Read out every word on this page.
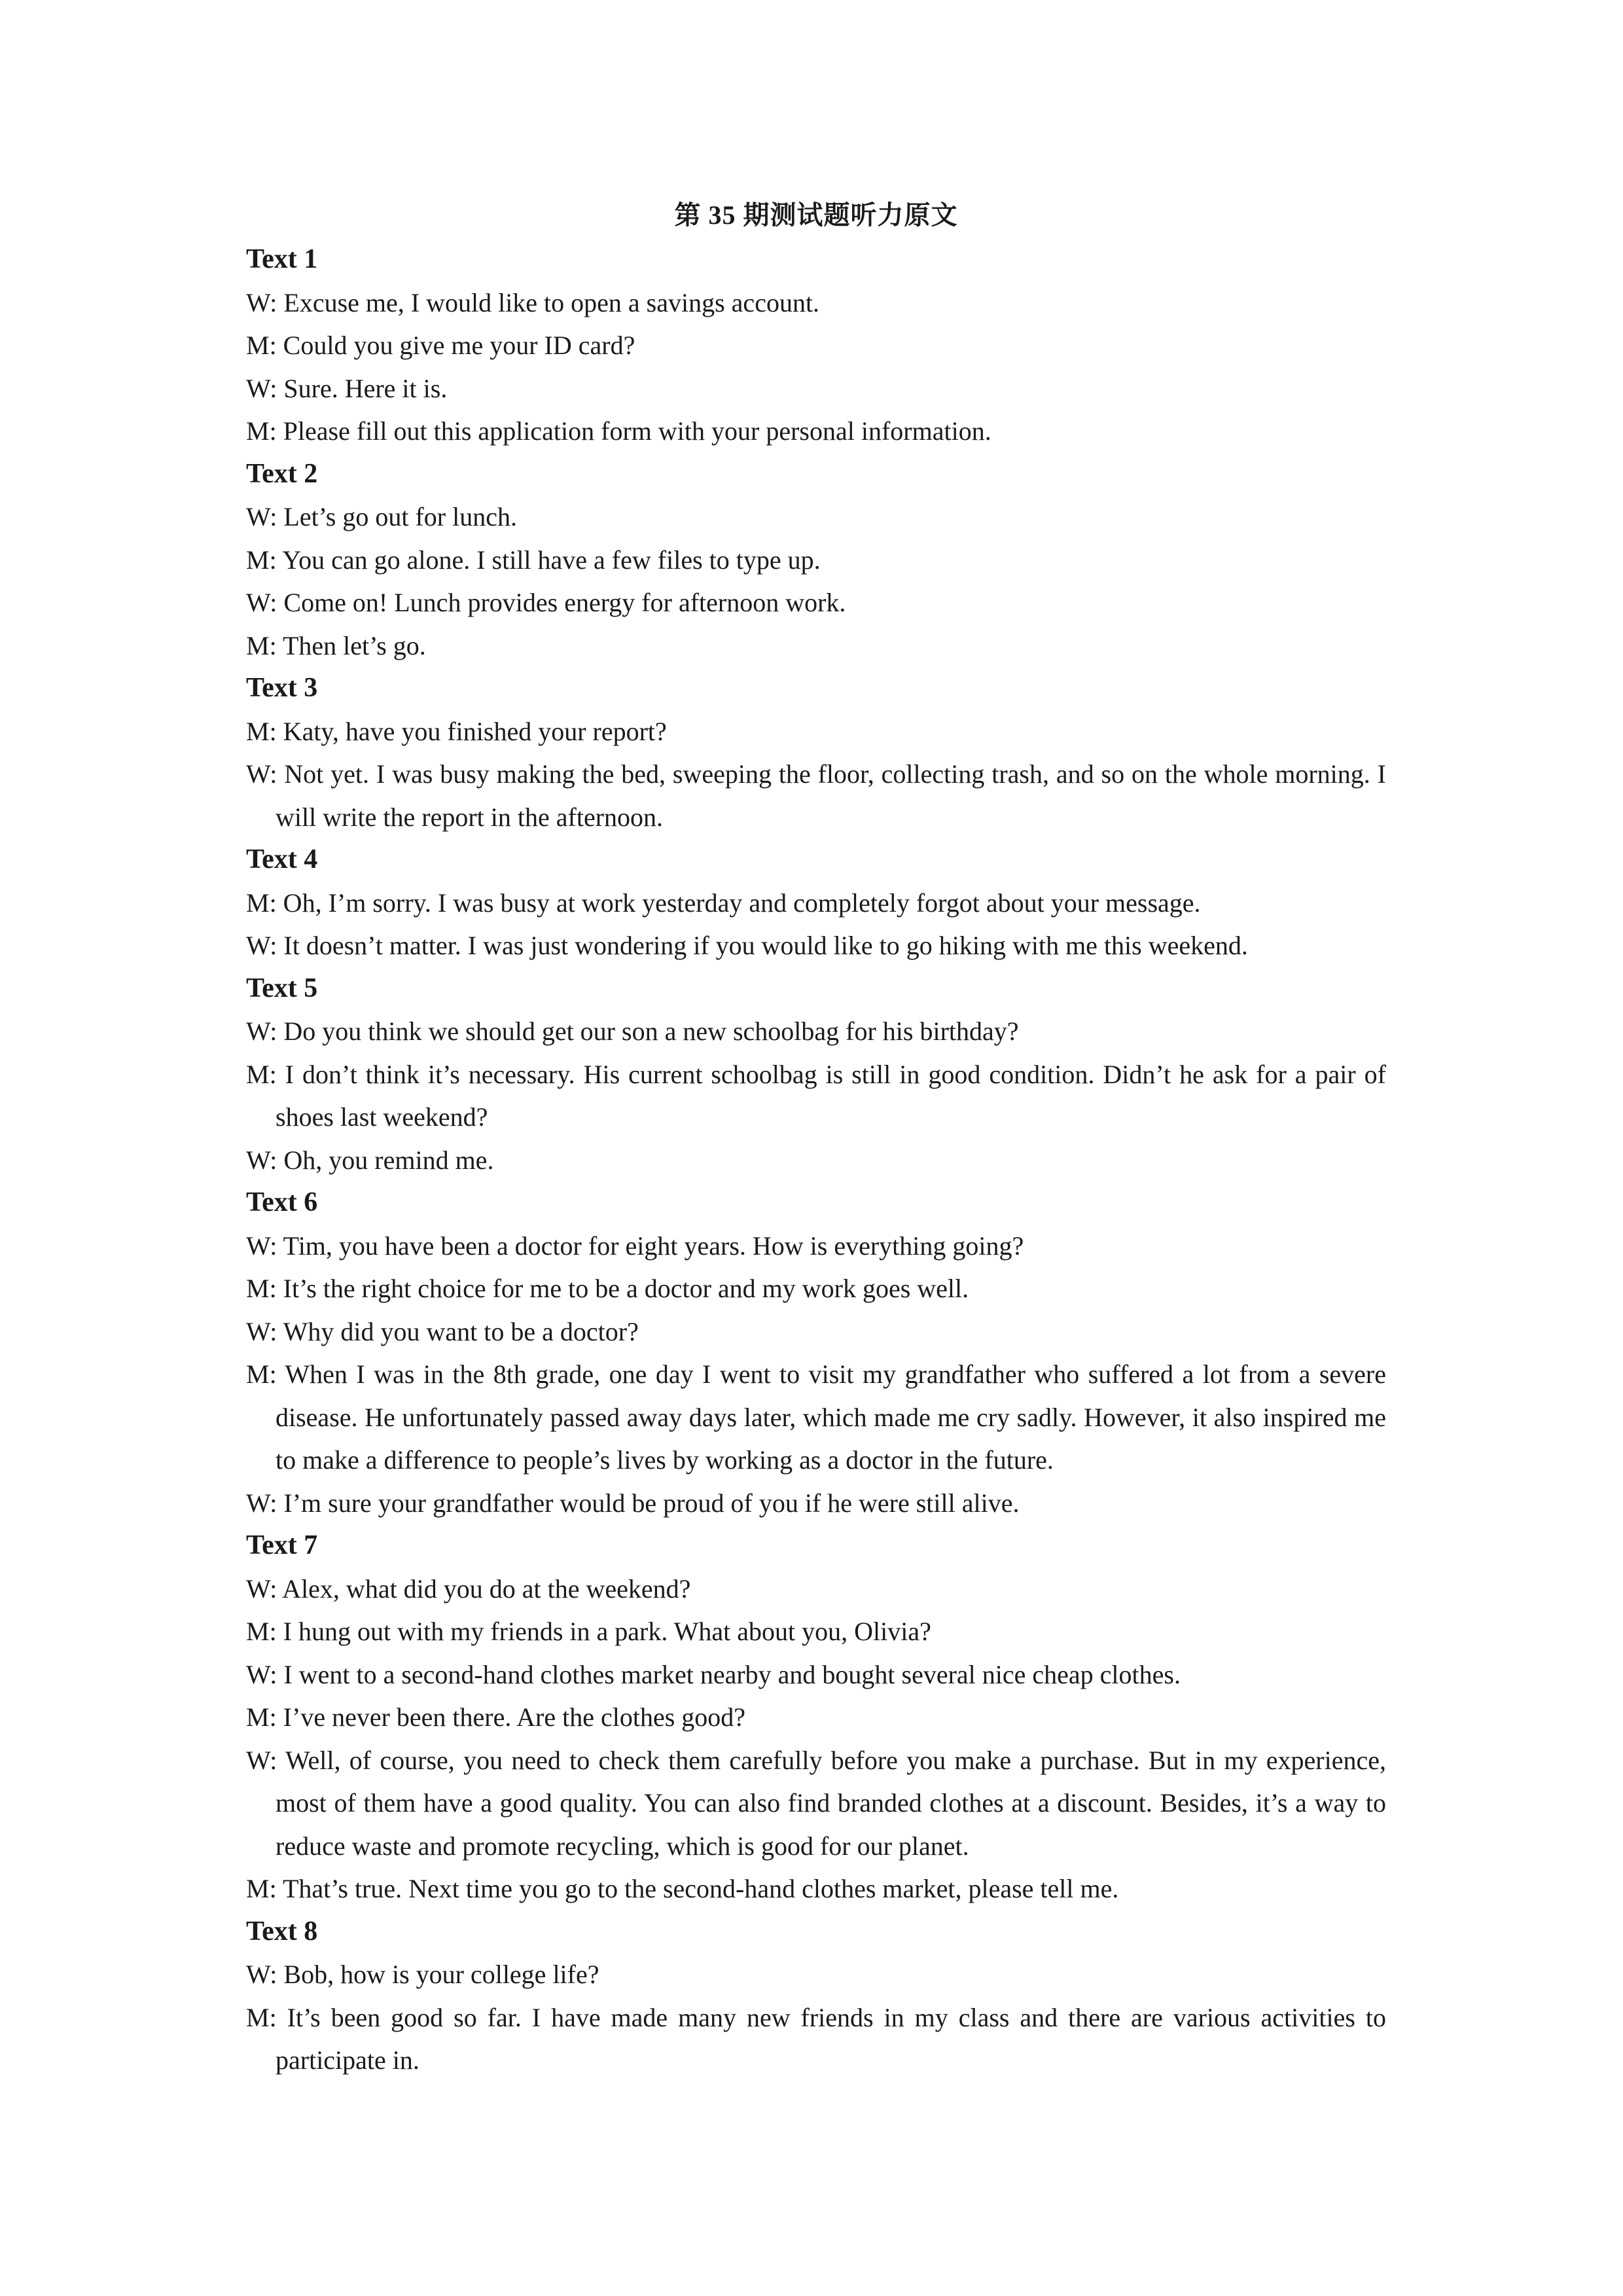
第 35 期测试题听力原文
Text 1
W: Excuse me, I would like to open a savings account.
M: Could you give me your ID card?
W: Sure. Here it is.
M: Please fill out this application form with your personal information.
Text 2
W: Let’s go out for lunch.
M: You can go alone. I still have a few files to type up.
W: Come on! Lunch provides energy for afternoon work.
M: Then let’s go.
Text 3
M: Katy, have you finished your report?
W: Not yet. I was busy making the bed, sweeping the floor, collecting trash, and so on the whole morning. I will write the report in the afternoon.
Text 4
M: Oh, I’m sorry. I was busy at work yesterday and completely forgot about your message.
W: It doesn’t matter. I was just wondering if you would like to go hiking with me this weekend.
Text 5
W: Do you think we should get our son a new schoolbag for his birthday?
M: I don’t think it’s necessary. His current schoolbag is still in good condition. Didn’t he ask for a pair of shoes last weekend?
W: Oh, you remind me.
Text 6
W: Tim, you have been a doctor for eight years. How is everything going?
M: It’s the right choice for me to be a doctor and my work goes well.
W: Why did you want to be a doctor?
M: When I was in the 8th grade, one day I went to visit my grandfather who suffered a lot from a severe disease. He unfortunately passed away days later, which made me cry sadly. However, it also inspired me to make a difference to people’s lives by working as a doctor in the future.
W: I’m sure your grandfather would be proud of you if he were still alive.
Text 7
W: Alex, what did you do at the weekend?
M: I hung out with my friends in a park. What about you, Olivia?
W: I went to a second-hand clothes market nearby and bought several nice cheap clothes.
M: I’ve never been there. Are the clothes good?
W: Well, of course, you need to check them carefully before you make a purchase. But in my experience, most of them have a good quality. You can also find branded clothes at a discount. Besides, it’s a way to reduce waste and promote recycling, which is good for our planet.
M: That’s true. Next time you go to the second-hand clothes market, please tell me.
Text 8
W: Bob, how is your college life?
M: It’s been good so far. I have made many new friends in my class and there are various activities to participate in.
